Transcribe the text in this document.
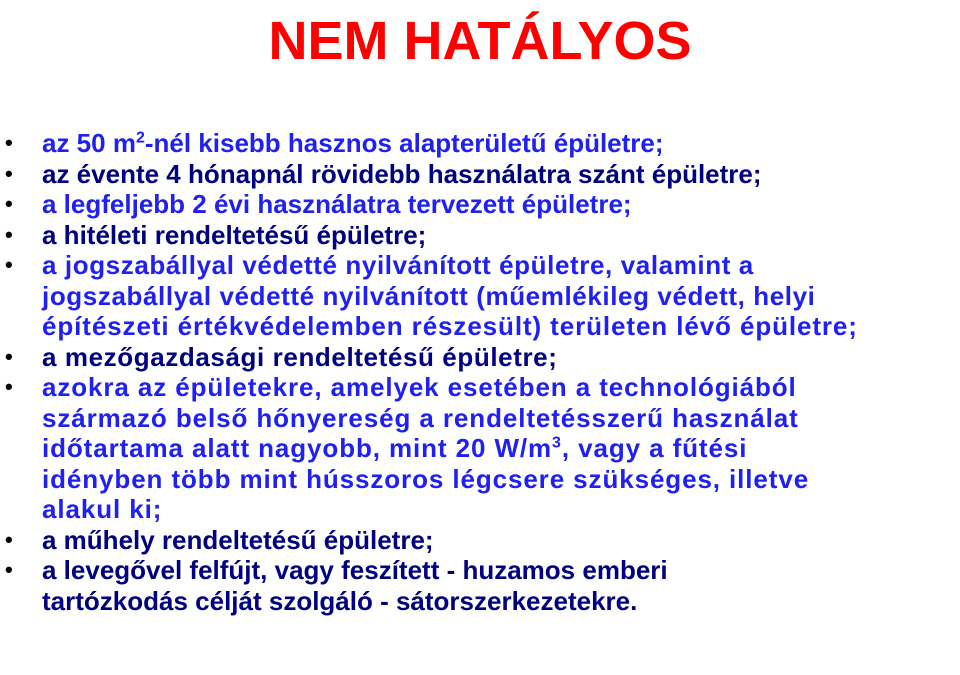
NEM HATÁLYOS
• az 50 $m^2$-nél kisebb hasznos alapterületű épületre;
• az évente 4 hónapnál rövidebb használatra szánt épületre;
• a legfeljebb 2 évi használatra tervezett épületre;
• a hitéleti rendeltetésű épületre;
• a jogszabállyal védetté nyilvánított épületre, valamint a
jogszabállyal védetté nyilvánított (műemlékileg védett, helyi
építészeti értékvédelemben részesült) területen lévő épületre;
• a mezőgazdasági rendeltetésű épületre;
• azokra az épületekre, amelyek esetében a technológiából
származó belső hőnyereség a rendeltetésszerű használat
időtartama alatt nagyobb, mint 20 $W/m^3$, vagy a fűtési
idényben több mint hússzoros légcsere szükséges, illetve
alakul ki;
• a műhely rendeltetésű épületre;
• a levegővel felfújt, vagy feszített - huzamos emberi
tartózkodás célját szolgáló - sátorszerkezetekre.
